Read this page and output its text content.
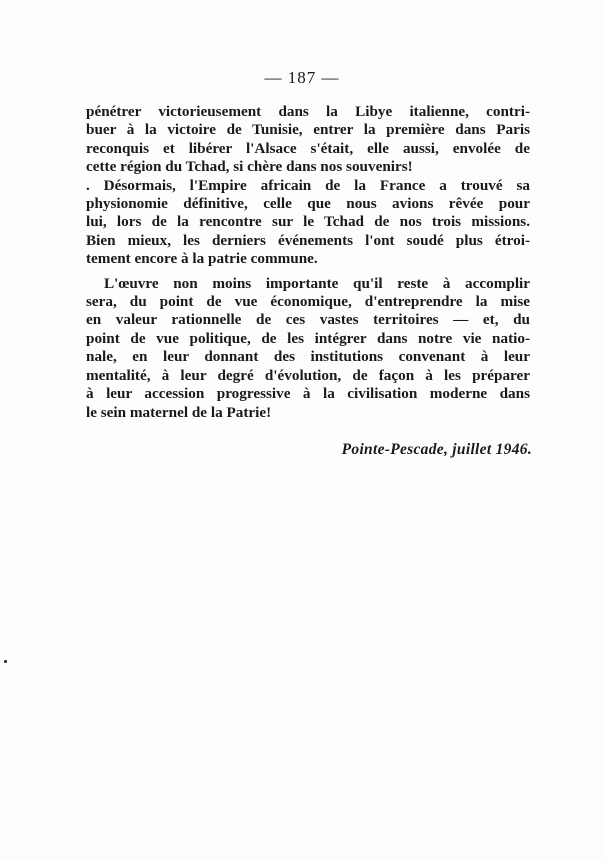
— 187 —
pénétrer victorieusement dans la Libye italienne, contri-
buer à la victoire de Tunisie, entrer la première dans Paris
reconquis et libérer l'Alsace s'était, elle aussi, envolée de
cette région du Tchad, si chère dans nos souvenirs!
. Désormais, l'Empire africain de la France a trouvé sa
physionomie définitive, celle que nous avions rêvée pour
lui, lors de la rencontre sur le Tchad de nos trois missions.
Bien mieux, les derniers événements l'ont soudé plus étroi-
tement encore à la patrie commune.
L'œuvre non moins importante qu'il reste à accomplir
sera, du point de vue économique, d'entreprendre la mise
en valeur rationnelle de ces vastes territoires — et, du
point de vue politique, de les intégrer dans notre vie natio-
nale, en leur donnant des institutions convenant à leur
mentalité, à leur degré d'évolution, de façon à les préparer
à leur accession progressive à la civilisation moderne dans
le sein maternel de la Patrie!
Pointe-Pescade, juillet 1946.
